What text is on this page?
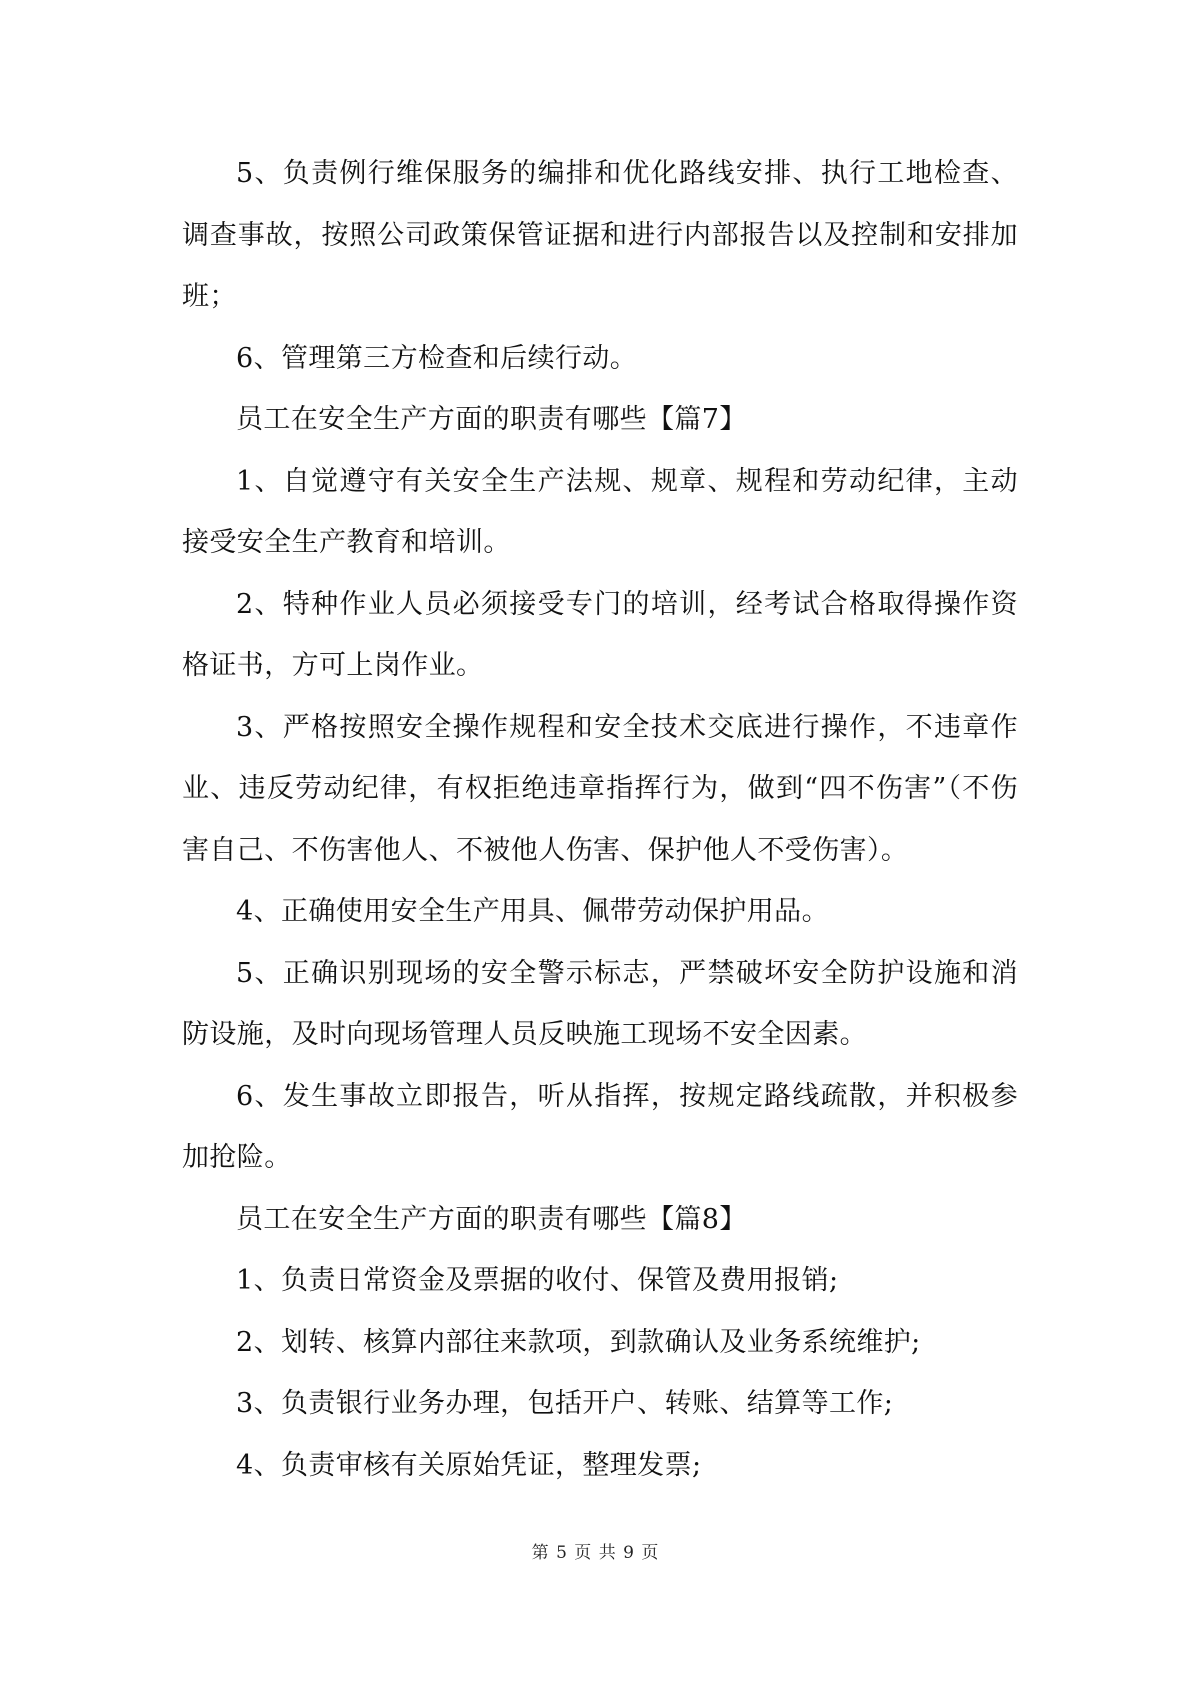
5、负责例行维保服务的编排和优化路线安排、执行工地检查、调查事故，按照公司政策保管证据和进行内部报告以及控制和安排加班；

6、管理第三方检查和后续行动。

员工在安全生产方面的职责有哪些【篇7】

1、自觉遵守有关安全生产法规、规章、规程和劳动纪律，主动接受安全生产教育和培训。

2、特种作业人员必须接受专门的培训，经考试合格取得操作资格证书，方可上岗作业。

3、严格按照安全操作规程和安全技术交底进行操作，不违章作业、违反劳动纪律，有权拒绝违章指挥行为，做到“四不伤害”（不伤害自己、不伤害他人、不被他人伤害、保护他人不受伤害）。

4、正确使用安全生产用具、佩带劳动保护用品。

5、正确识别现场的安全警示标志，严禁破坏安全防护设施和消防设施，及时向现场管理人员反映施工现场不安全因素。

6、发生事故立即报告，听从指挥，按规定路线疏散，并积极参加抢险。

员工在安全生产方面的职责有哪些【篇8】

1、负责日常资金及票据的收付、保管及费用报销;

2、划转、核算内部往来款项，到款确认及业务系统维护;

3、负责银行业务办理，包括开户、转账、结算等工作;

4、负责审核有关原始凭证，整理发票;

第 5 页 共 9 页
